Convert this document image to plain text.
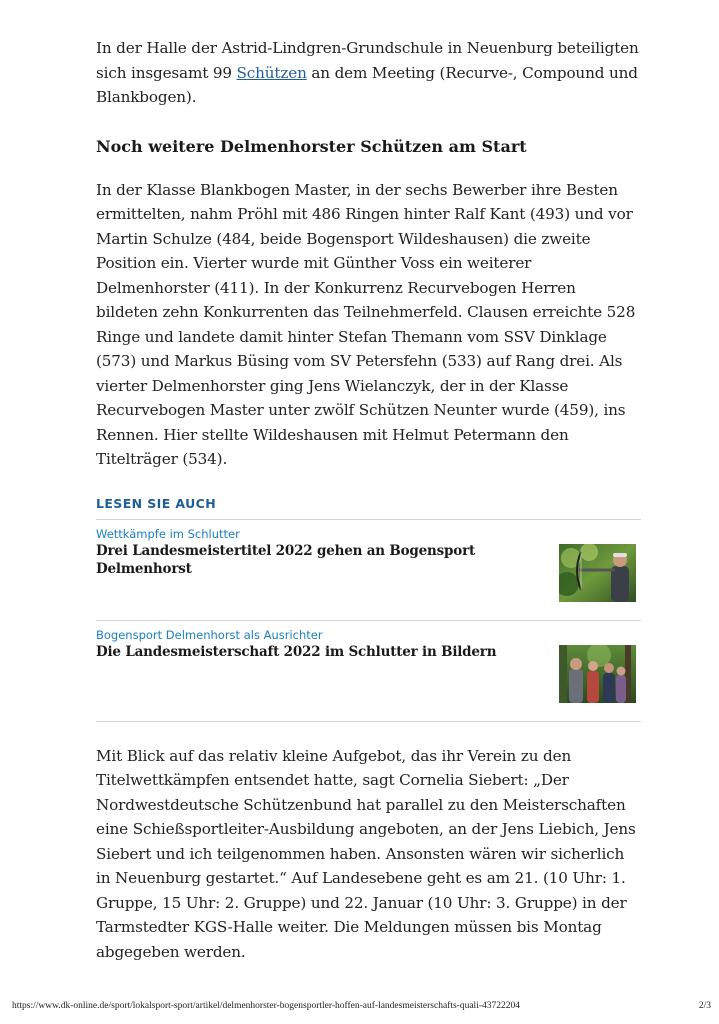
In der Halle der Astrid-Lindgren-Grundschule in Neuenburg beteiligten sich insgesamt 99 Schützen an dem Meeting (Recurve-, Compound und Blankbogen).

Noch weitere Delmenhorster Schützen am Start

In der Klasse Blankbogen Master, in der sechs Bewerber ihre Besten ermittelten, nahm Pröhl mit 486 Ringen hinter Ralf Kant (493) und vor Martin Schulze (484, beide Bogensport Wildeshausen) die zweite Position ein. Vierter wurde mit Günther Voss ein weiterer Delmenhorster (411). In der Konkurrenz Recurvebogen Herren bildeten zehn Konkurrenten das Teilnehmerfeld. Clausen erreichte 528 Ringe und landete damit hinter Stefan Themann vom SSV Dinklage (573) und Markus Büsing vom SV Petersfehn (533) auf Rang drei. Als vierter Delmenhorster ging Jens Wielanczyk, der in der Klasse Recurvebogen Master unter zwölf Schützen Neunter wurde (459), ins Rennen. Hier stellte Wildeshausen mit Helmut Petermann den Titelträger (534).

LESEN SIE AUCH
Wettkämpfe im Schlutter
Drei Landesmeistertitel 2022 gehen an Bogensport Delmenhorst
Bogensport Delmenhorst als Ausrichter
Die Landesmeisterschaft 2022 im Schlutter in Bildern

Mit Blick auf das relativ kleine Aufgebot, das ihr Verein zu den Titelwettkämpfen entsendet hatte, sagt Cornelia Siebert: „Der Nordwestdeutsche Schützenbund hat parallel zu den Meisterschaften eine Schießsportleiter-Ausbildung angeboten, an der Jens Liebich, Jens Siebert und ich teilgenommen haben. Ansonsten wären wir sicherlich in Neuenburg gestartet.“ Auf Landesebene geht es am 21. (10 Uhr: 1. Gruppe, 15 Uhr: 2. Gruppe) und 22. Januar (10 Uhr: 3. Gruppe) in der Tarmstedter KGS-Halle weiter. Die Meldungen müssen bis Montag abgegeben werden.

https://www.dk-online.de/sport/lokalsport-sport/artikel/delmenhorster-bogensportler-hoffen-auf-landesmeisterschafts-quali-43722204	2/3
